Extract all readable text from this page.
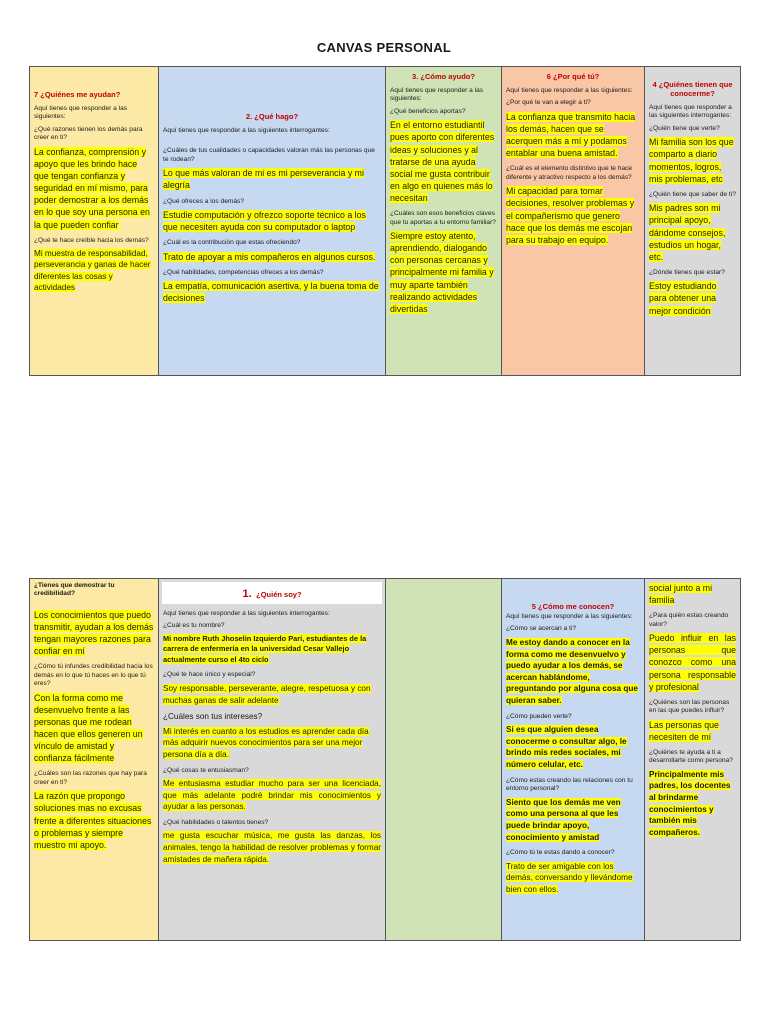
CANVAS PERSONAL
7 ¿Quiénes me ayudan?
Aquí tienes que responder a las siguientes:
¿Qué razones tienen los demás para creer en ti?
La confianza, comprensión y apoyo que les brindo hace que tengan confianza y seguridad en mí mismo, para poder demostrar a los demás en lo que soy una persona en la que pueden confiar
¿Qué te hace creíble hacia los demás?
Mi muestra de responsabilidad, perseverancia y ganas de hacer diferentes las cosas y actividades
2. ¿Qué hago?
Aquí tienes que responder a las siguientes interrogantes:
¿Cuáles de tus cualidades o capacidades valoran más las personas que te rodean?
Lo que más valoran de mi es mi perseverancia y mi alegría
¿Qué ofreces a los demás?
Estudie computación y ofrezco soporte técnico a los que necesiten ayuda con su computador o laptop
¿Cuál es la contribución que estas ofreciendo?
Trato de apoyar a mis compañeros en algunos cursos.
¿Qué habilidades, competencias ofreces a los demás?
La empatía, comunicación asertiva, y la buena toma de decisiones
3. ¿Cómo ayudo?
Aquí tienes que responder a las siguientes:
¿Qué beneficios aportas?
En el entorno estudiantil pues aporto con diferentes ideas y soluciones y al tratarse de una ayuda social me gusta contribuir en algo en quienes más lo necesitan
¿Cuáles son esos beneficios claves que tu aportas a tu entorno familiar?
Siempre estoy atento, aprendiendo, dialogando con personas cercanas y principalmente mi familia y muy aparte también realizando actividades divertidas
6 ¿Por qué tú?
Aquí tienes que responder a las siguientes:
¿Por qué te van a elegir a ti?
La confianza que transmito hacia los demás, hacen que se acerquen más a mí y podamos entablar una buena amistad.
¿Cuál es el elemento distintivo que te hace diferente y atractivo respecto a los demás?
Mi capacidad para tomar decisiones, resolver problemas y el compañerismo que genero hace que los demás me escojan para su trabajo en equipo.
4 ¿Quiénes tienen que conocerme?
Aquí tienes que responder a las siguientes interrogantes:
¿Quién tiene que verte?
Mi familia son los que comparto a diario momentos, logros, mis problemas, etc
¿Quién tiene que saber de ti?
Mis padres son mi principal apoyo, dándome consejos, estudios un hogar, etc.
¿Dónde tienes que estar?
Estoy estudiando para obtener una mejor condición
¿Tienes que demostrar tu credibilidad?
Los conocimientos que puedo transmitir, ayudan a los demás tengan mayores razones para confiar en mí
¿Cómo tú infundes credibilidad hacia los demás en lo que tú haces en lo que tú eres?
Con la forma como me desenvuelvo frente a las personas que me rodean hacen que ellos generen un vínculo de amistad y confianza fácilmente
¿Cuáles son las razones que hay para creer en ti?
La razón que propongo soluciones mas no excusas frente a diferentes situaciones o problemas y siempre muestro mi apoyo.
1. ¿Quién soy?
Aquí tienes que responder a las siguientes interrogantes:
¿Cuál es tu nombre?
Mi nombre Ruth Jhoselin Izquierdo Parí, estudiantes de la carrera de enfermería en la universidad Cesar Vallejo actualmente curso el 4to ciclo
¿Qué te hace único y especial?
Soy responsable, perseverante, alegre, respetuosa y con muchas ganas de salir adelante
¿Cuáles son tus intereses?
Mi interés en cuanto a los estudios es aprender cada día más adquirir nuevos conocimientos para ser una mejor persona día a día.
¿Qué cosas te entusiasman?
Me entusiasma estudiar mucho para ser una licenciada, que más adelante podré brindar mis conocimientos y ayudar a las personas.
¿Qué habilidades o talentos tienes?
me gusta escuchar música, me gusta las danzas, los animales, tengo la habilidad de resolver problemas y formar amistades de mañera rápida.
5 ¿Cómo me conocen?
Aquí tienes que responder a las siguientes:
¿Cómo se acercan a ti?
Me estoy dando a conocer en la forma como me desenvuelvo y puedo ayudar a los demás, se acercan hablándome, preguntando por alguna cosa que quieran saber.
¿Cómo pueden verte?
Si es que alguien desea conocerme o consultar algo, le brindo mis redes sociales, mi número celular, etc.
¿Cómo estas creando las relaciones con tu entorno personal?
Siento que los demás me ven como una persona al que les puede brindar apoyo, conocimiento y amistad
¿Cómo tú te estas dando a conocer?
Trato de ser amigable con los demás, conversando y llevándome bien con ellos.
social junto a mi familia
¿Para quién estas creando valor?
Puedo influir en las personas que conozco como una persona responsable y profesional
¿Quiénes son las personas en las que puedes influir?
Las personas que necesiten de mí
¿Quiénes te ayuda a ti a desarrollarte como persona?
Principalmente mis padres, los docentes al brindarme conocimientos y también mis compañeros.
